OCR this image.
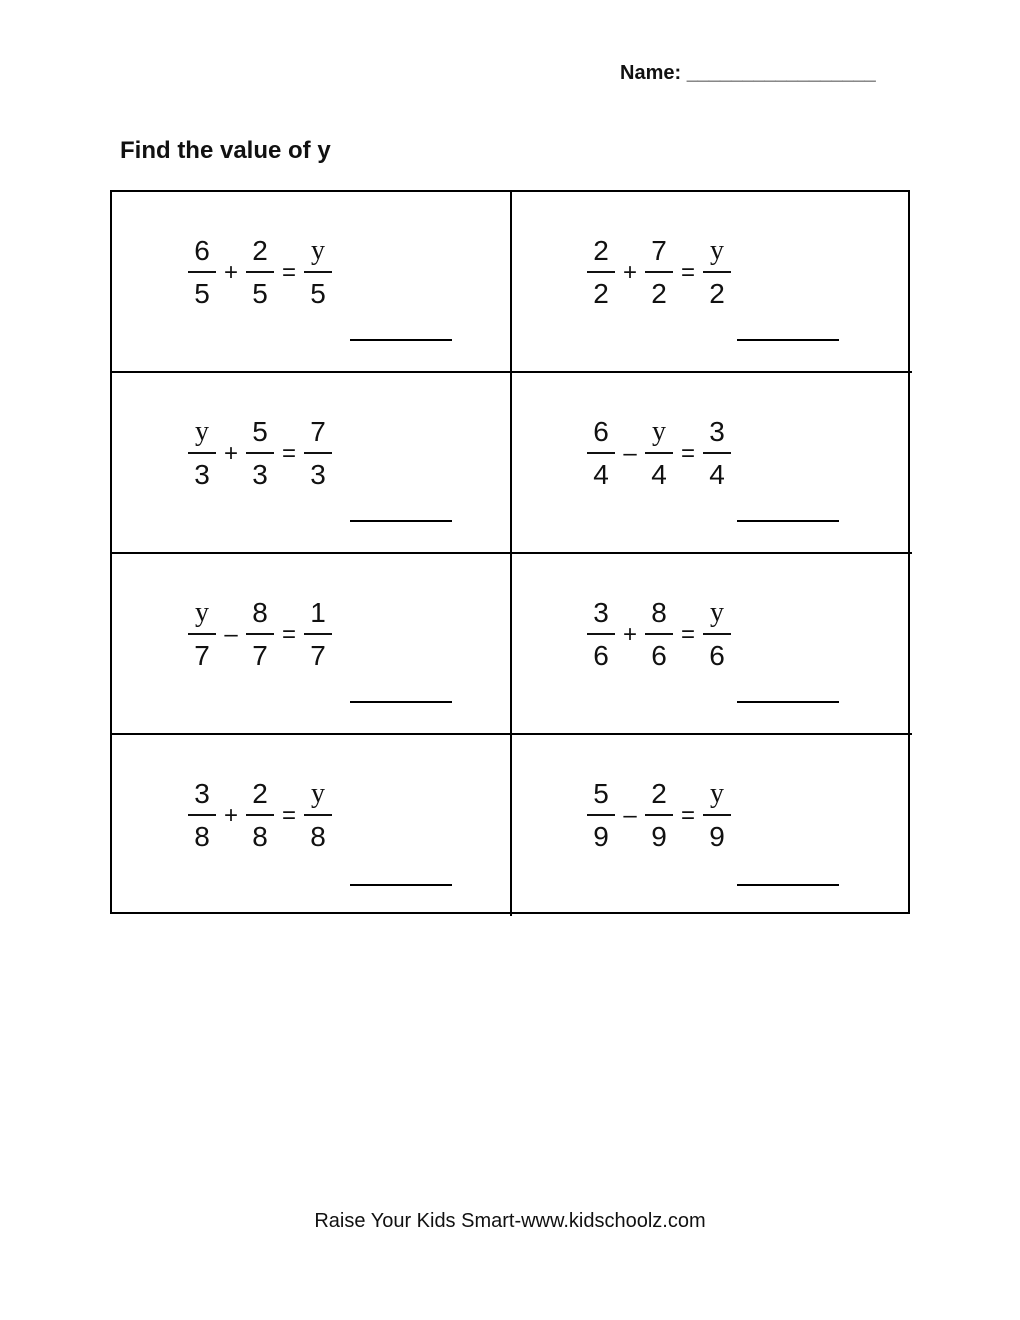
Name: _________________
Find the value of y
$\frac{6}{5} + \frac{2}{5} = \frac{y}{5}$	$\frac{2}{2} + \frac{7}{2} = \frac{y}{2}$
$\frac{y}{3} + \frac{5}{3} = \frac{7}{3}$	$\frac{6}{4} - \frac{y}{4} = \frac{3}{4}$
$\frac{y}{7} - \frac{8}{7} = \frac{1}{7}$	$\frac{3}{6} + \frac{8}{6} = \frac{y}{6}$
$\frac{3}{8} + \frac{2}{8} = \frac{y}{8}$	$\frac{5}{9} - \frac{2}{9} = \frac{y}{9}$
Raise Your Kids Smart-www.kidschoolz.com
